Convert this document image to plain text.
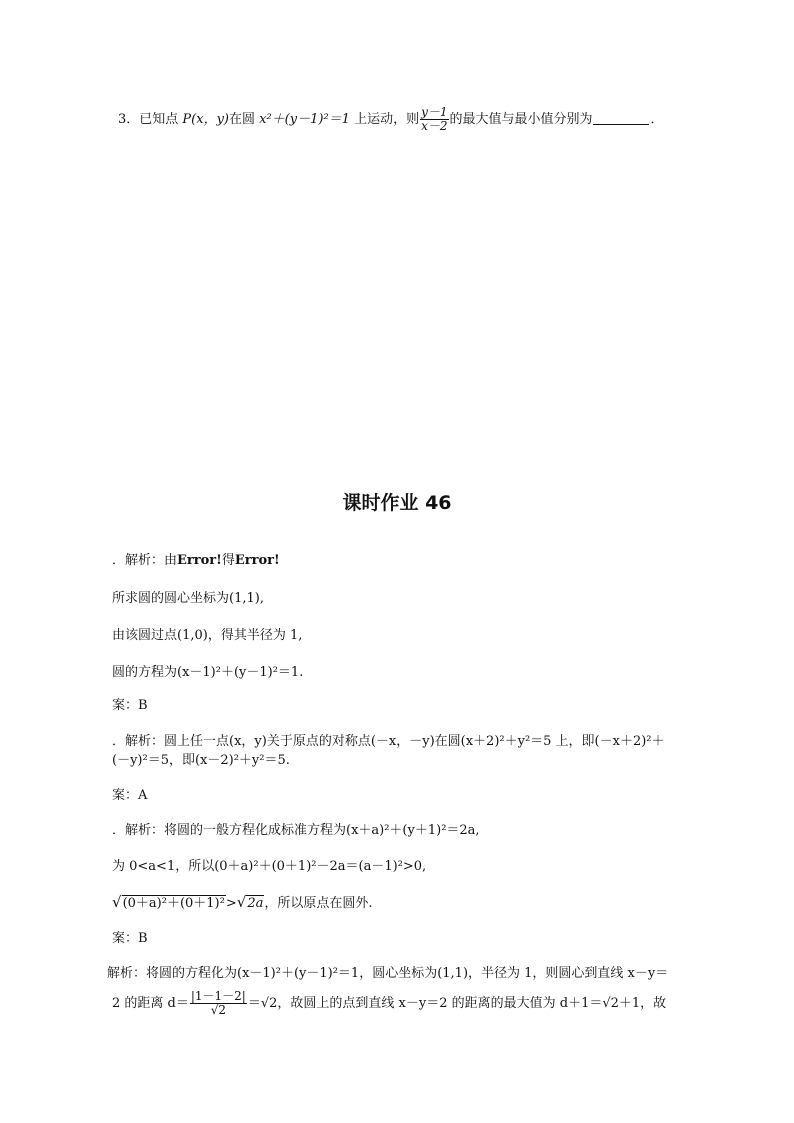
3．已知点 P(x，y)在圆 x²＋(y－1)²＝1 上运动，则 $\frac{y-1}{x-2}$ 的最大值与最小值分别为	．
课时作业 46
．解析：由Error!得Error!
所求圆的圆心坐标为(1,1),
由该圆过点(1,0)，得其半径为 1,
圆的方程为(x－1)²＋(y－1)²＝1.
案：B
．解析：圆上任一点(x，y)关于原点的对称点(－x，－y)在圆(x＋2)²＋y²＝5 上，即(－x＋2)²＋
(－y)²＝5，即(x－2)²＋y²＝5.
案：A
．解析：将圆的一般方程化成标准方程为(x＋a)²＋(y＋1)²＝2a,
为 0<a<1，所以(0＋a)²＋(0＋1)²－2a＝(a－1)²>0,
√(0＋a)²＋(0＋1)²>√2a，所以原点在圆外.
案：B
解析：将圆的方程化为(x－1)²＋(y－1)²＝1，圆心坐标为(1,1)，半径为 1，则圆心到直线 x－y＝
2 的距离 $d= \frac{|1-1-2|}{√2} =√2$，故圆上的点到直线 x－y＝2 的距离的最大值为 d＋1＝√2＋1，故
